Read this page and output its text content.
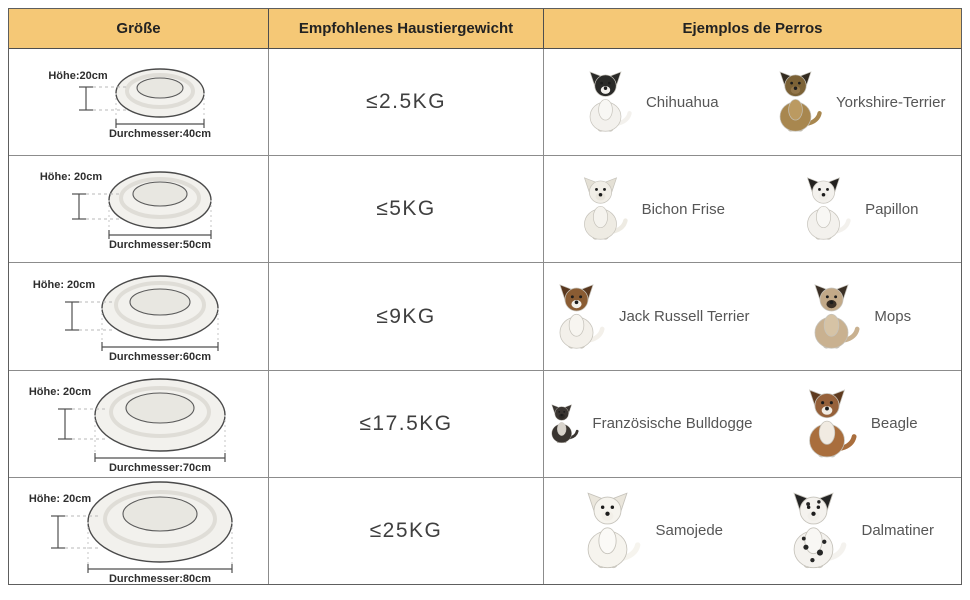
Größe	Empfohlenes Haustiergewicht	Ejemplos de Perros
Höhe:20cm
Durchmesser:40cm
≤2.5KG	Chihuahua	Yorkshire-Terrier
Höhe: 20cm
Durchmesser:50cm
≤5KG	Bichon Frise	Papillon
Höhe: 20cm
Durchmesser:60cm
≤9KG	Jack Russell Terrier	Mops
Höhe: 20cm
Durchmesser:70cm
≤17.5KG	Französische Bulldogge	Beagle
Höhe: 20cm
Durchmesser:80cm
≤25KG	Samojede	Dalmatiner
